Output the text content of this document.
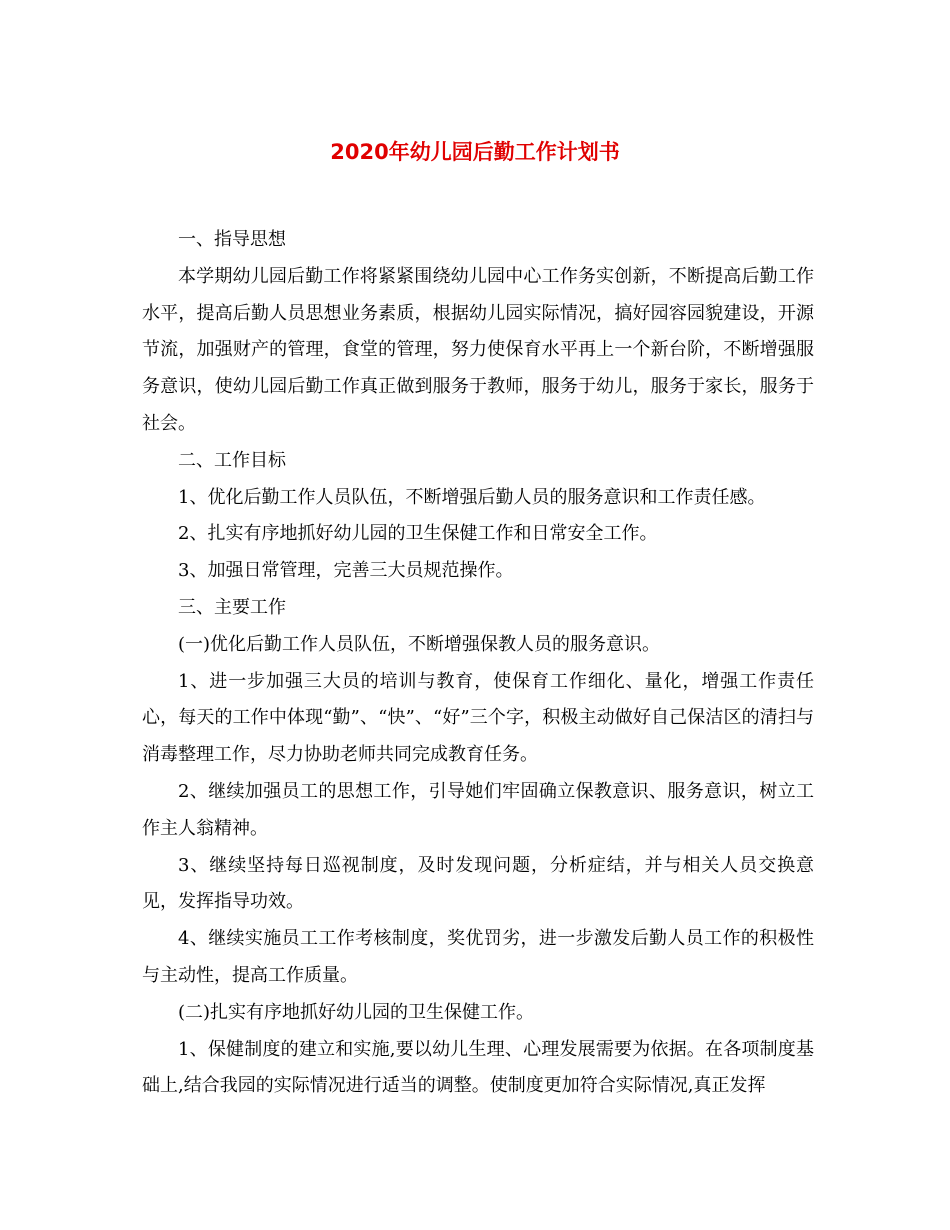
2020年幼儿园后勤工作计划书

一、指导思想

本学期幼儿园后勤工作将紧紧围绕幼儿园中心工作务实创新，不断提高后勤工作水平，提高后勤人员思想业务素质，根据幼儿园实际情况，搞好园容园貌建设，开源节流，加强财产的管理，食堂的管理，努力使保育水平再上一个新台阶，不断增强服务意识，使幼儿园后勤工作真正做到服务于教师，服务于幼儿，服务于家长，服务于社会。

二、工作目标

1、优化后勤工作人员队伍，不断增强后勤人员的服务意识和工作责任感。

2、扎实有序地抓好幼儿园的卫生保健工作和日常安全工作。

3、加强日常管理，完善三大员规范操作。

三、主要工作

(一)优化后勤工作人员队伍，不断增强保教人员的服务意识。

1、进一步加强三大员的培训与教育，使保育工作细化、量化，增强工作责任心，每天的工作中体现“勤”、“快”、“好”三个字，积极主动做好自己保洁区的清扫与消毒整理工作，尽力协助老师共同完成教育任务。

2、继续加强员工的思想工作，引导她们牢固确立保教意识、服务意识，树立工作主人翁精神。

3、继续坚持每日巡视制度，及时发现问题，分析症结，并与相关人员交换意见，发挥指导功效。

4、继续实施员工工作考核制度，奖优罚劣，进一步激发后勤人员工作的积极性与主动性，提高工作质量。

(二)扎实有序地抓好幼儿园的卫生保健工作。

1、保健制度的建立和实施,要以幼儿生理、心理发展需要为依据。在各项制度基础上,结合我园的实际情况进行适当的调整。使制度更加符合实际情况,真正发挥
